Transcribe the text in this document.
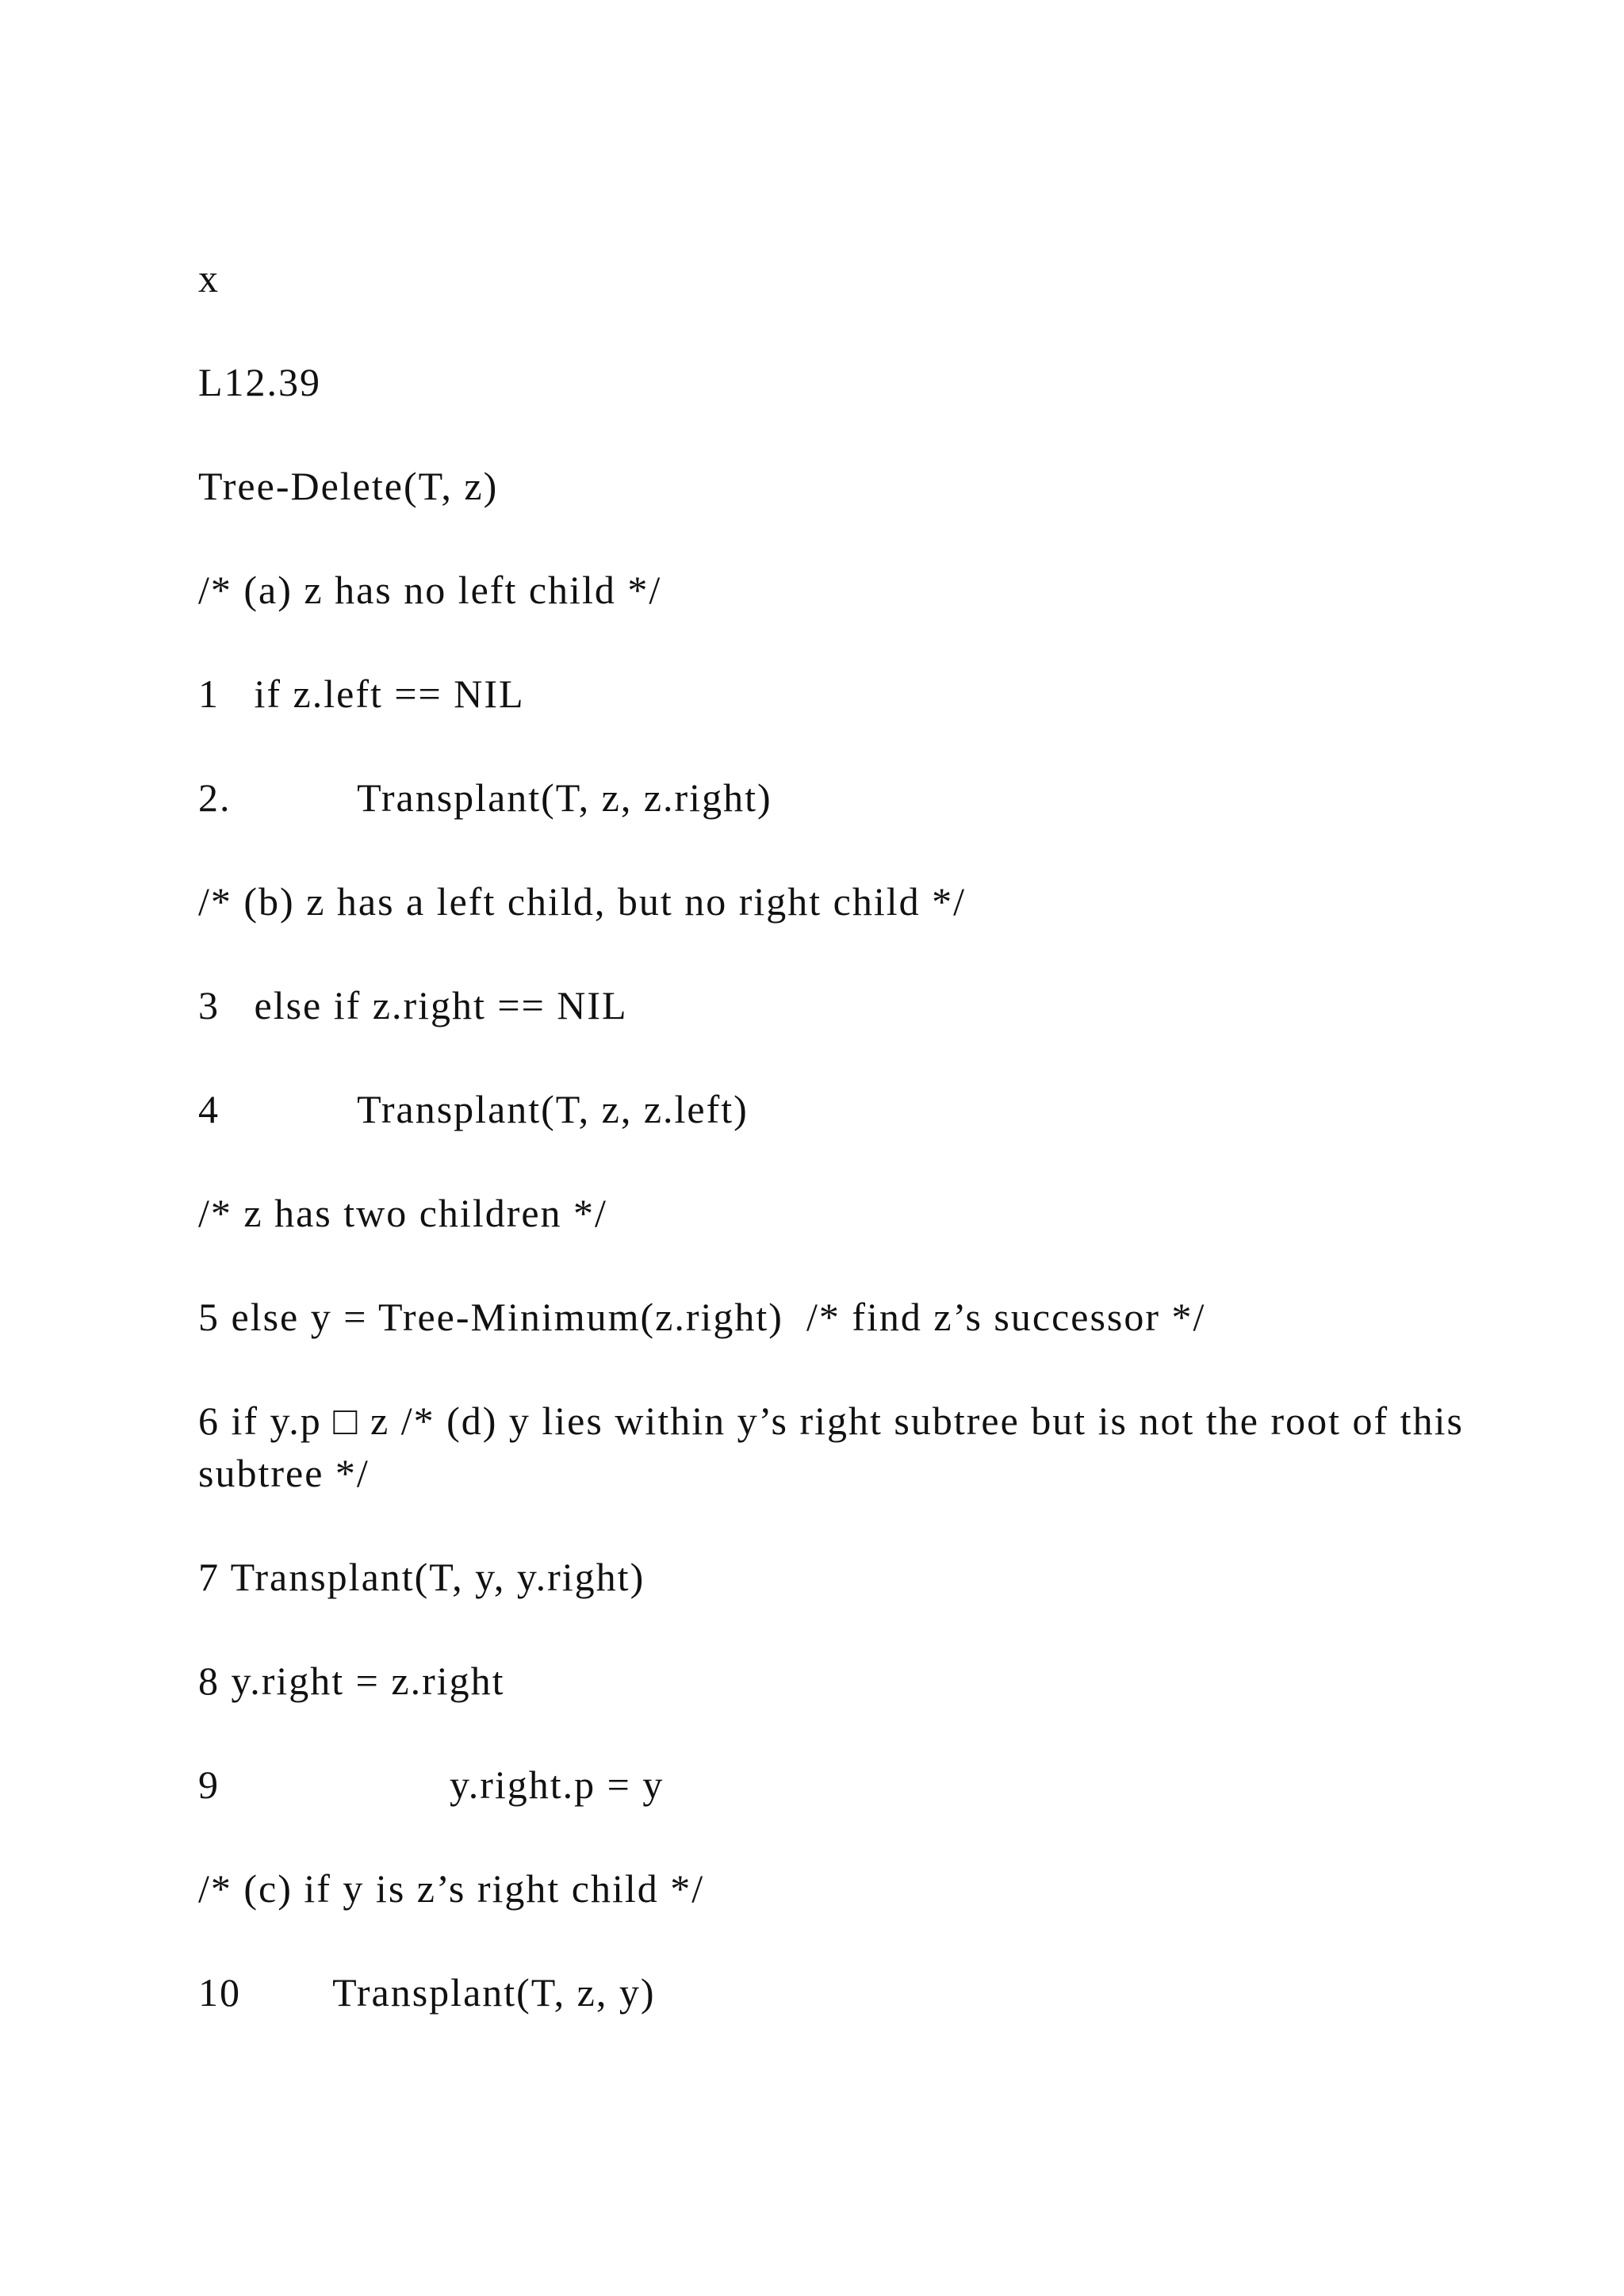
x

L12.39

Tree-Delete(T, z)

/* (a) z has no left child */

1   if z.left == NIL

2.           Transplant(T, z, z.right)

/* (b) z has a left child, but no right child */

3   else if z.right == NIL

4            Transplant(T, z, z.left)

/* z has two children */

5 else y = Tree-Minimum(z.right)  /* find z’s successor */

6 if y.p □ z /* (d) y lies within y’s right subtree but is not the root of this subtree */

7 Transplant(T, y, y.right)

8 y.right = z.right

9                    y.right.p = y

/* (c) if y is z’s right child */

10        Transplant(T, z, y)
